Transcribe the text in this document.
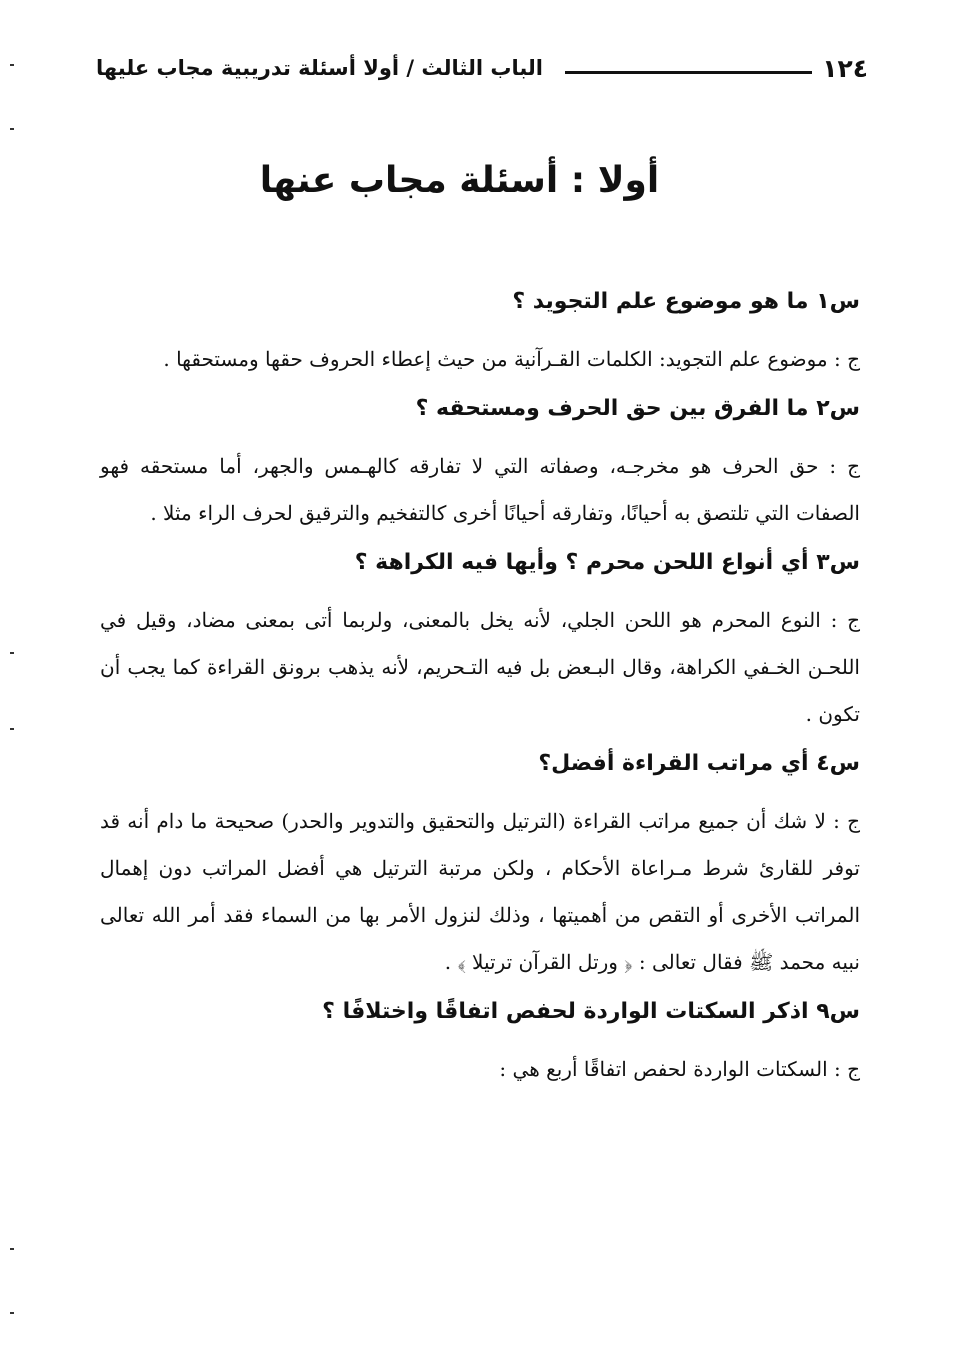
١٢٤
الباب الثالث / أولا أسئلة تدريبية مجاب عليها
أولا : أسئلة مجاب عنها

س١ ما هو موضوع علم التجويد ؟

ج : موضوع علم التجويد: الكلمات القـرآنية من حيث إعطاء الحروف حقها ومستحقها .

س٢ ما الفرق بين حق الحرف ومستحقه ؟

ج : حق الحرف هو مخرجـه، وصفاته التي لا تفارقه كالهـمس والجهر، أما مستحقه فهو الصفات التي تلتصق به أحيانًا، وتفارقه أحيانًا أخرى كالتفخيم والترقيق لحرف الراء مثلا .

س٣ أي أنواع اللحن محرم ؟ وأيها فيه الكراهة ؟

ج : النوع المحرم هو اللحن الجلي، لأنه يخل بالمعنى، ولربما أتى بمعنى مضاد، وقيل في اللحـن الخـفي الكراهة، وقال البـعض بل فيه التـحريم، لأنه يذهب برونق القراءة كما يجب أن تكون .

س٤ أي مراتب القراءة أفضل؟

ج : لا شك أن جميع مراتب القراءة (الترتيل والتحقيق والتدوير والحدر) صحيحة ما دام أنه قد توفر للقارئ شرط مـراعاة الأحكام ، ولكن مرتبة الترتيل هي أفضل المراتب دون إهمال المراتب الأخرى أو التقص من أهميتها ، وذلك لنزول الأمر بها من السماء فقد أمر الله تعالى نبيه محمد ﷺ فقال تعالى : ﴿ ورتل القرآن ترتيلا ﴾ .

س٩ اذكر السكتات الواردة لحفص اتفاقًا واختلافًا ؟

ج : السكتات الواردة لحفص اتفاقًا أربع هي :
